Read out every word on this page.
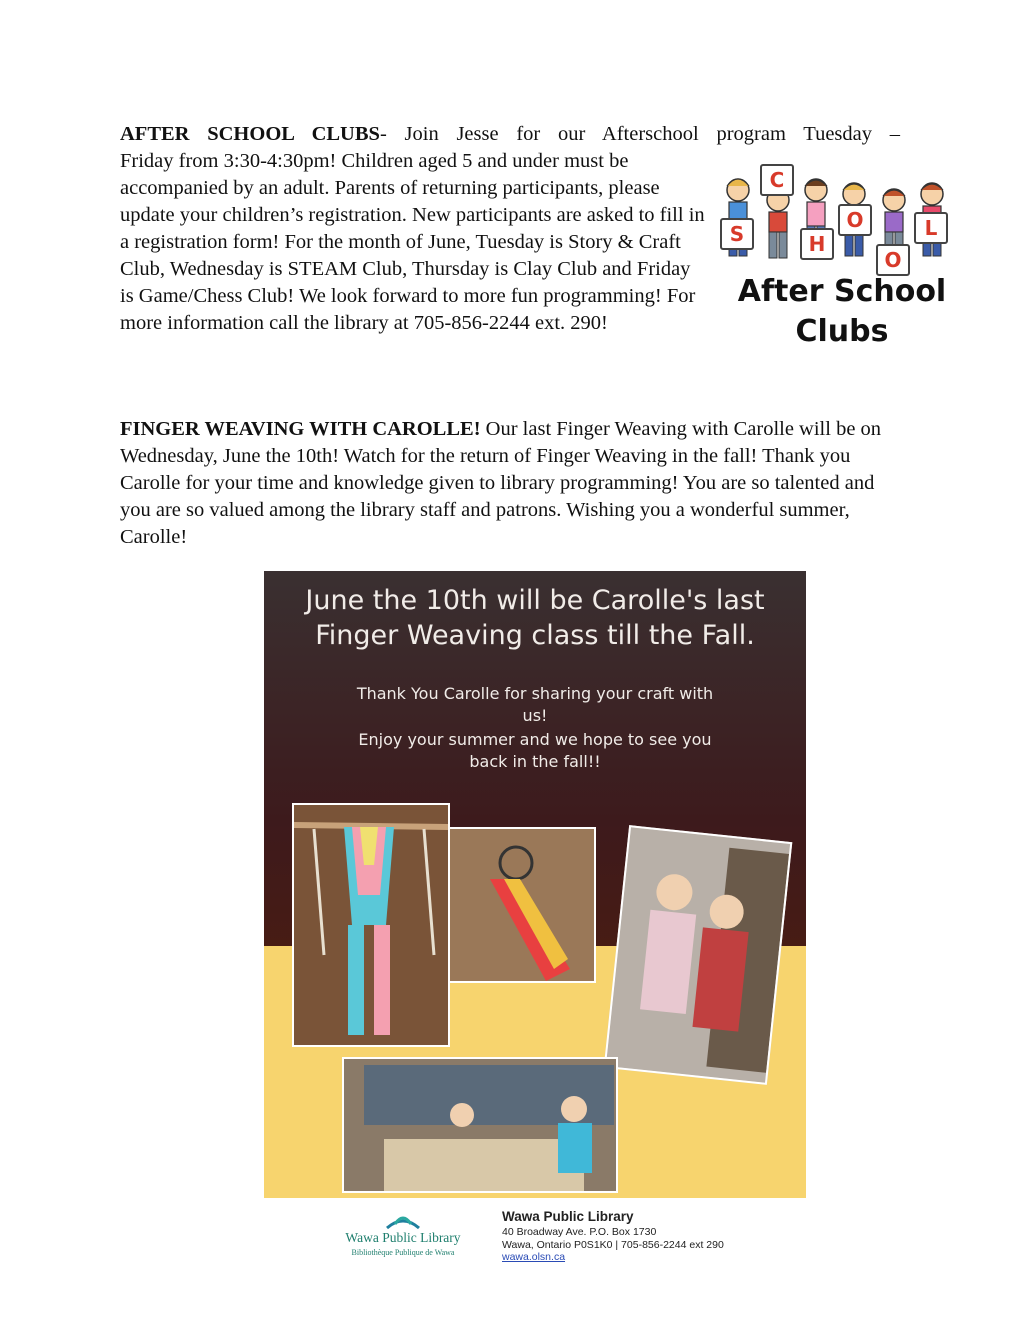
AFTER SCHOOL CLUBS- Join Jesse for our Afterschool program Tuesday –
Friday from 3:30-4:30pm! Children aged 5 and under must be accompanied by an adult. Parents of returning participants, please update your children’s registration. New participants are asked to fill in a registration form! For the month of June, Tuesday is Story & Craft Club, Wednesday is STEAM Club, Thursday is Clay Club and Friday is Game/Chess Club! We look forward to more fun programming! For more information call the library at 705-856-2244 ext. 290!
C
S	H
O
O
L
After School
Clubs
FINGER WEAVING WITH CAROLLE! Our last Finger Weaving with Carolle will be on Wednesday, June the 10th! Watch for the return of Finger Weaving in the fall! Thank you Carolle for your time and knowledge given to library programming! You are so talented and you are so valued among the library staff and patrons. Wishing you a wonderful summer, Carolle!
June the 10th will be Carolle's last
Finger Weaving class till the Fall.
Thank You Carolle for sharing your craft with
us!
Enjoy your summer and we hope to see you
back in the fall!!
Wawa Public Library
Bibliothèque Publique de Wawa
Wawa Public Library
40 Broadway Ave. P.O. Box 1730
Wawa, Ontario P0S1K0 | 705-856-2244 ext 290
wawa.olsn.ca
